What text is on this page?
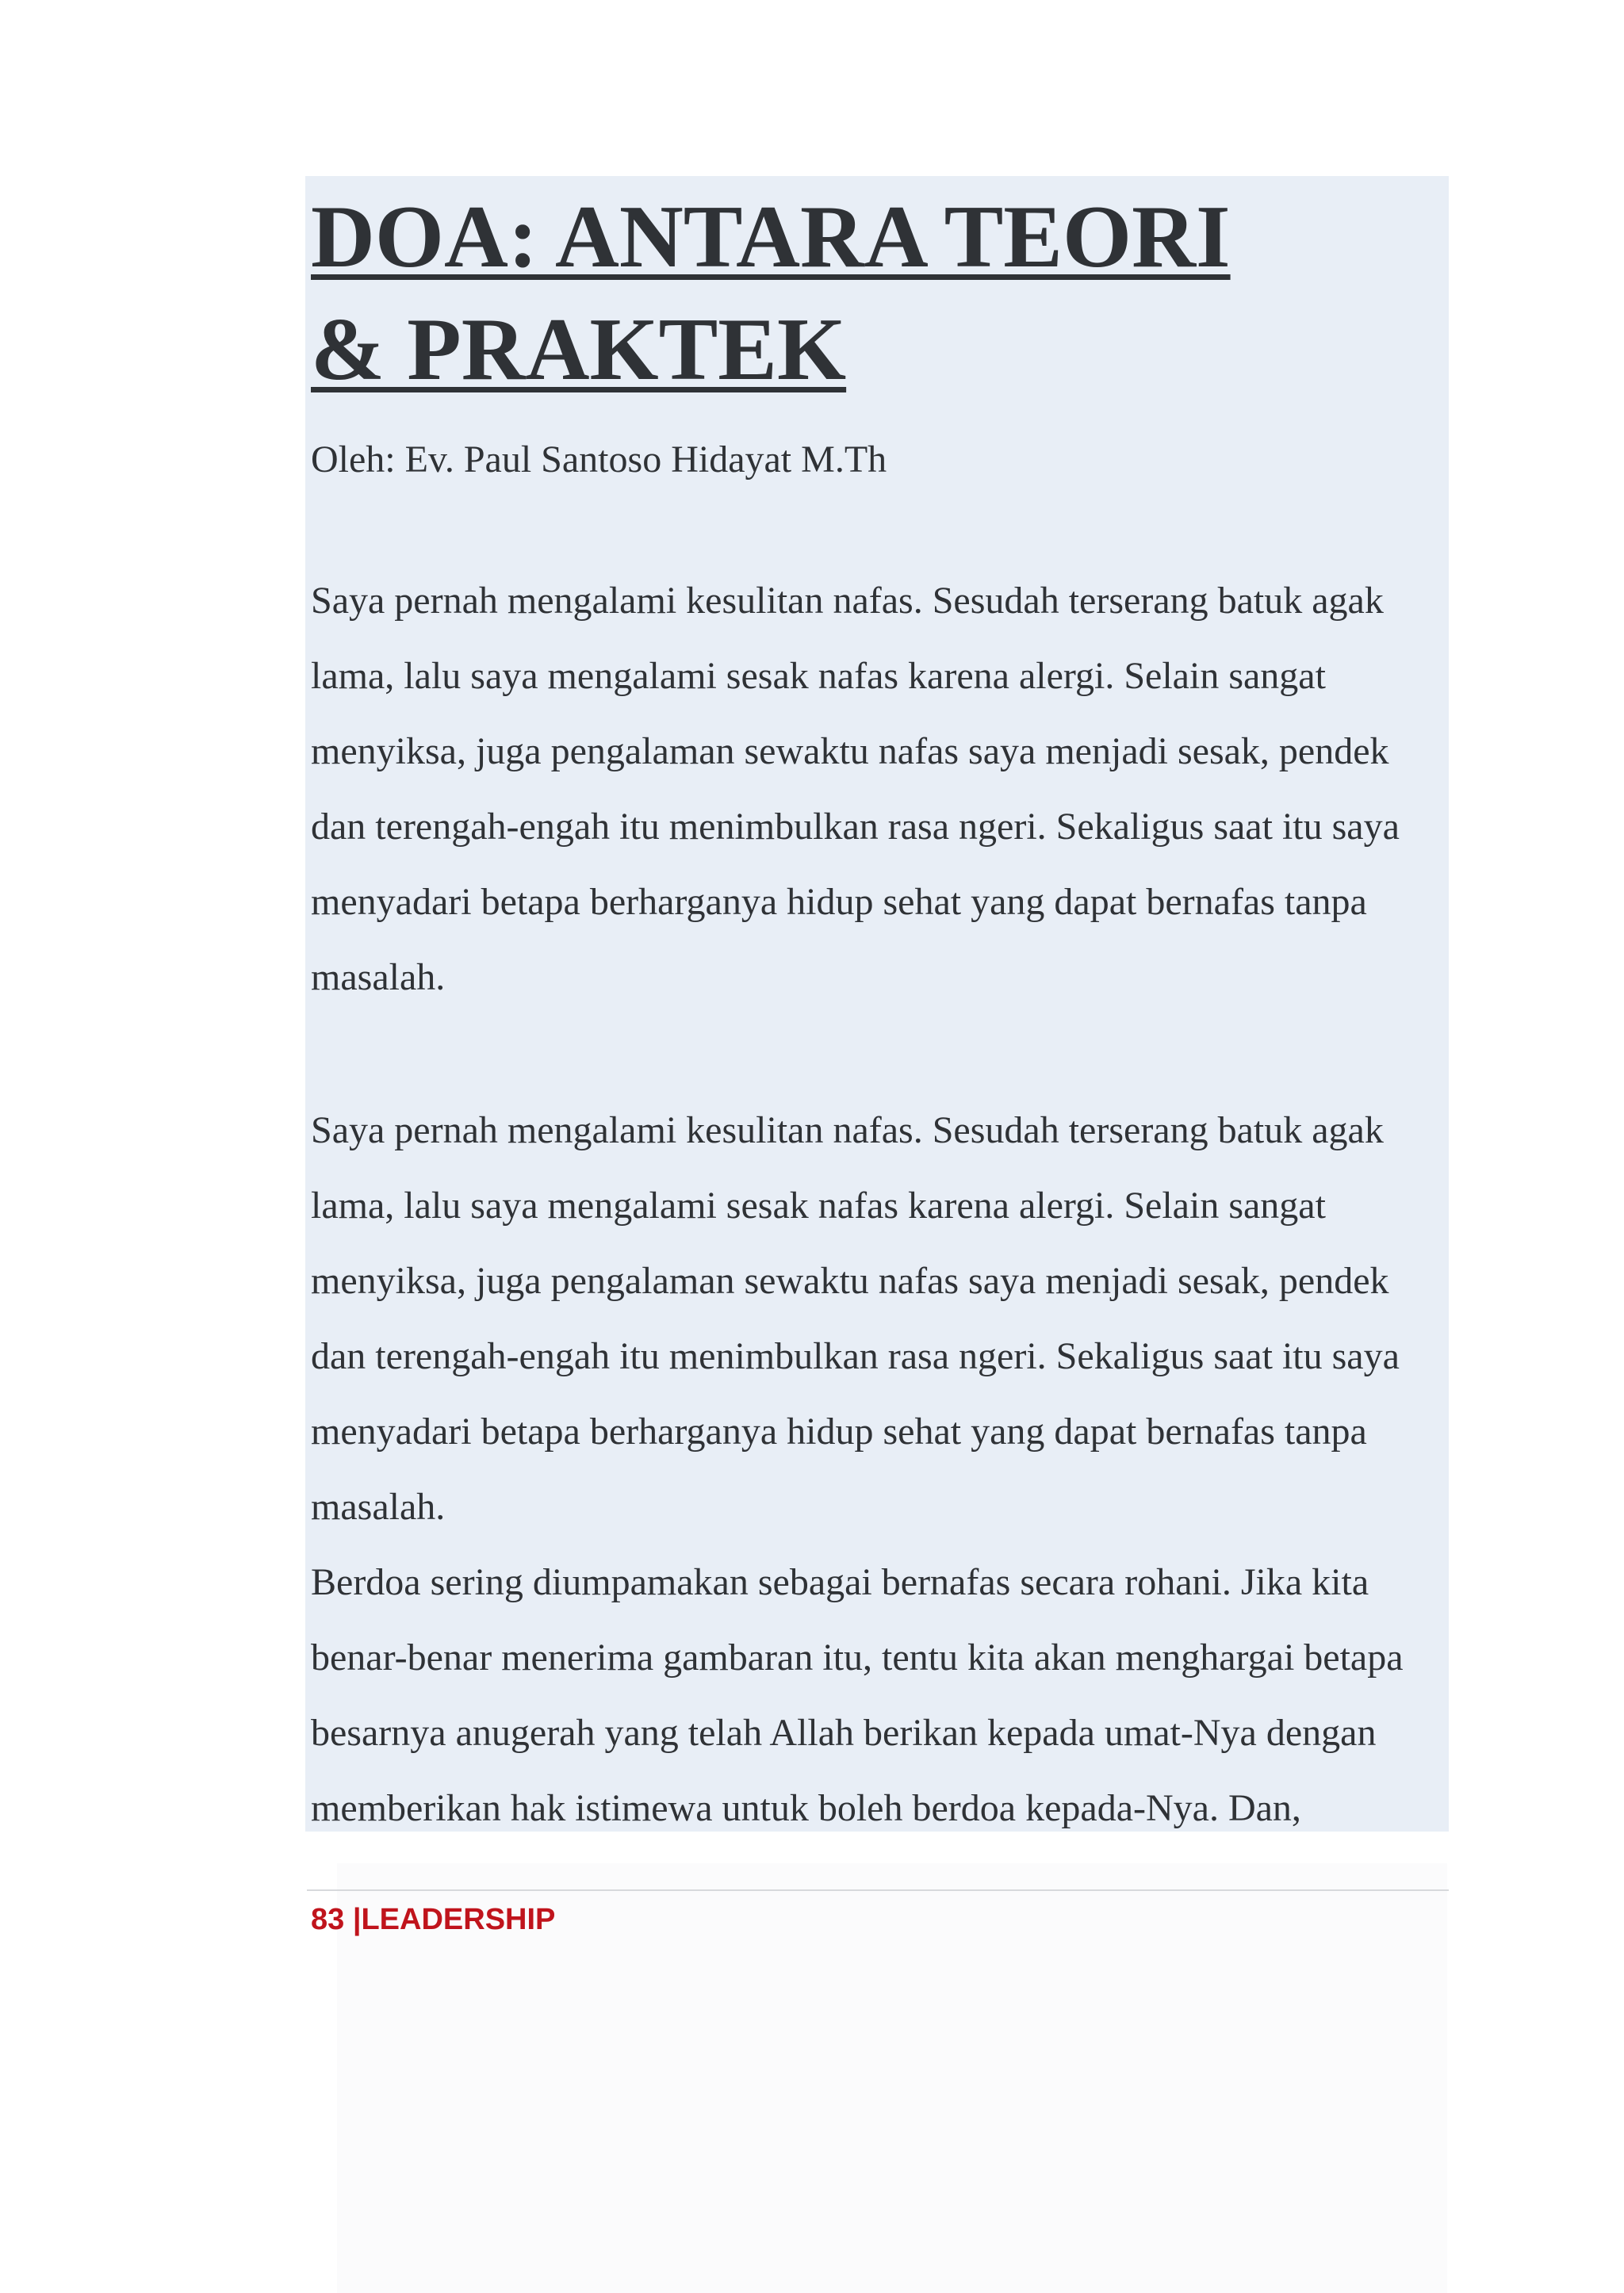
DOA: ANTARA TEORI
& PRAKTEK

Oleh: Ev. Paul Santoso Hidayat M.Th

Saya pernah mengalami kesulitan nafas. Sesudah terserang batuk agak
lama, lalu saya mengalami sesak nafas karena alergi. Selain sangat
menyiksa, juga pengalaman sewaktu nafas saya menjadi sesak, pendek
dan terengah-engah itu menimbulkan rasa ngeri. Sekaligus saat itu saya
menyadari betapa berharganya hidup sehat yang dapat bernafas tanpa
masalah.
Saya pernah mengalami kesulitan nafas. Sesudah terserang batuk agak
lama, lalu saya mengalami sesak nafas karena alergi. Selain sangat
menyiksa, juga pengalaman sewaktu nafas saya menjadi sesak, pendek
dan terengah-engah itu menimbulkan rasa ngeri. Sekaligus saat itu saya
menyadari betapa berharganya hidup sehat yang dapat bernafas tanpa
masalah.
Berdoa sering diumpamakan sebagai bernafas secara rohani. Jika kita
benar-benar menerima gambaran itu, tentu kita akan menghargai betapa
besarnya anugerah yang telah Allah berikan kepada umat-Nya dengan
memberikan hak istimewa untuk boleh berdoa kepada-Nya. Dan,

83 |LEADERSHIP
